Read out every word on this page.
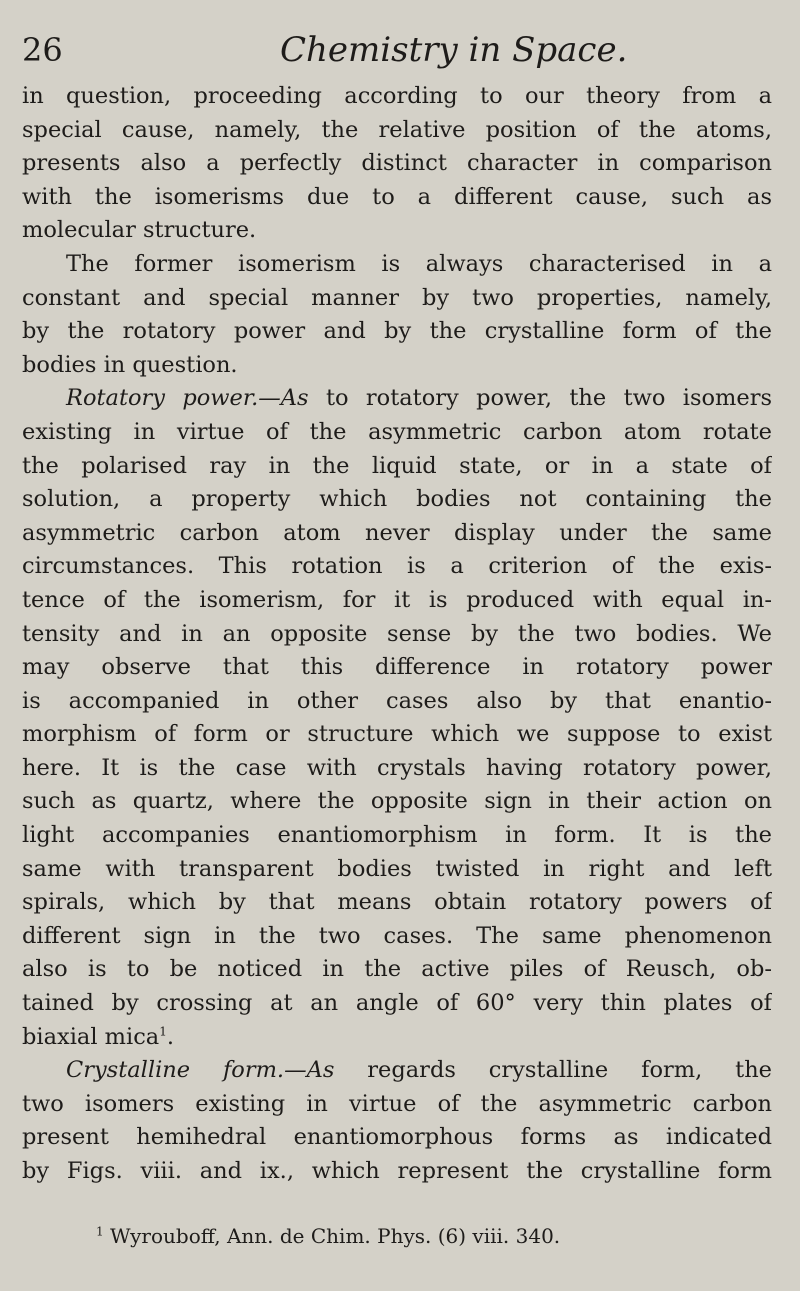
26	Chemistry in Space.
in question, proceeding according to our theory from a
special cause, namely, the relative position of the atoms,
presents also a perfectly distinct character in comparison
with the isomerisms due to a different cause, such as
molecular structure.
The former isomerism is always characterised in a
constant and special manner by two properties, namely,
by the rotatory power and by the crystalline form of the
bodies in question.
Rotatory power.—As to rotatory power, the two isomers
existing in virtue of the asymmetric carbon atom rotate
the polarised ray in the liquid state, or in a state of
solution, a property which bodies not containing the
asymmetric carbon atom never display under the same
circumstances. This rotation is a criterion of the exis-
tence of the isomerism, for it is produced with equal in-
tensity and in an opposite sense by the two bodies. We
may observe that this difference in rotatory power
is accompanied in other cases also by that enantio-
morphism of form or structure which we suppose to exist
here. It is the case with crystals having rotatory power,
such as quartz, where the opposite sign in their action on
light accompanies enantiomorphism in form. It is the
same with transparent bodies twisted in right and left
spirals, which by that means obtain rotatory powers of
different sign in the two cases. The same phenomenon
also is to be noticed in the active piles of Reusch, ob-
tained by crossing at an angle of 60° very thin plates of
biaxial mica$^1$.
Crystalline form.—As regards crystalline form, the
two isomers existing in virtue of the asymmetric carbon
present hemihedral enantiomorphous forms as indicated
by Figs. viii. and ix., which represent the crystalline form
$^1$ Wyrouboff, Ann. de Chim. Phys. (6) viii. 340.
